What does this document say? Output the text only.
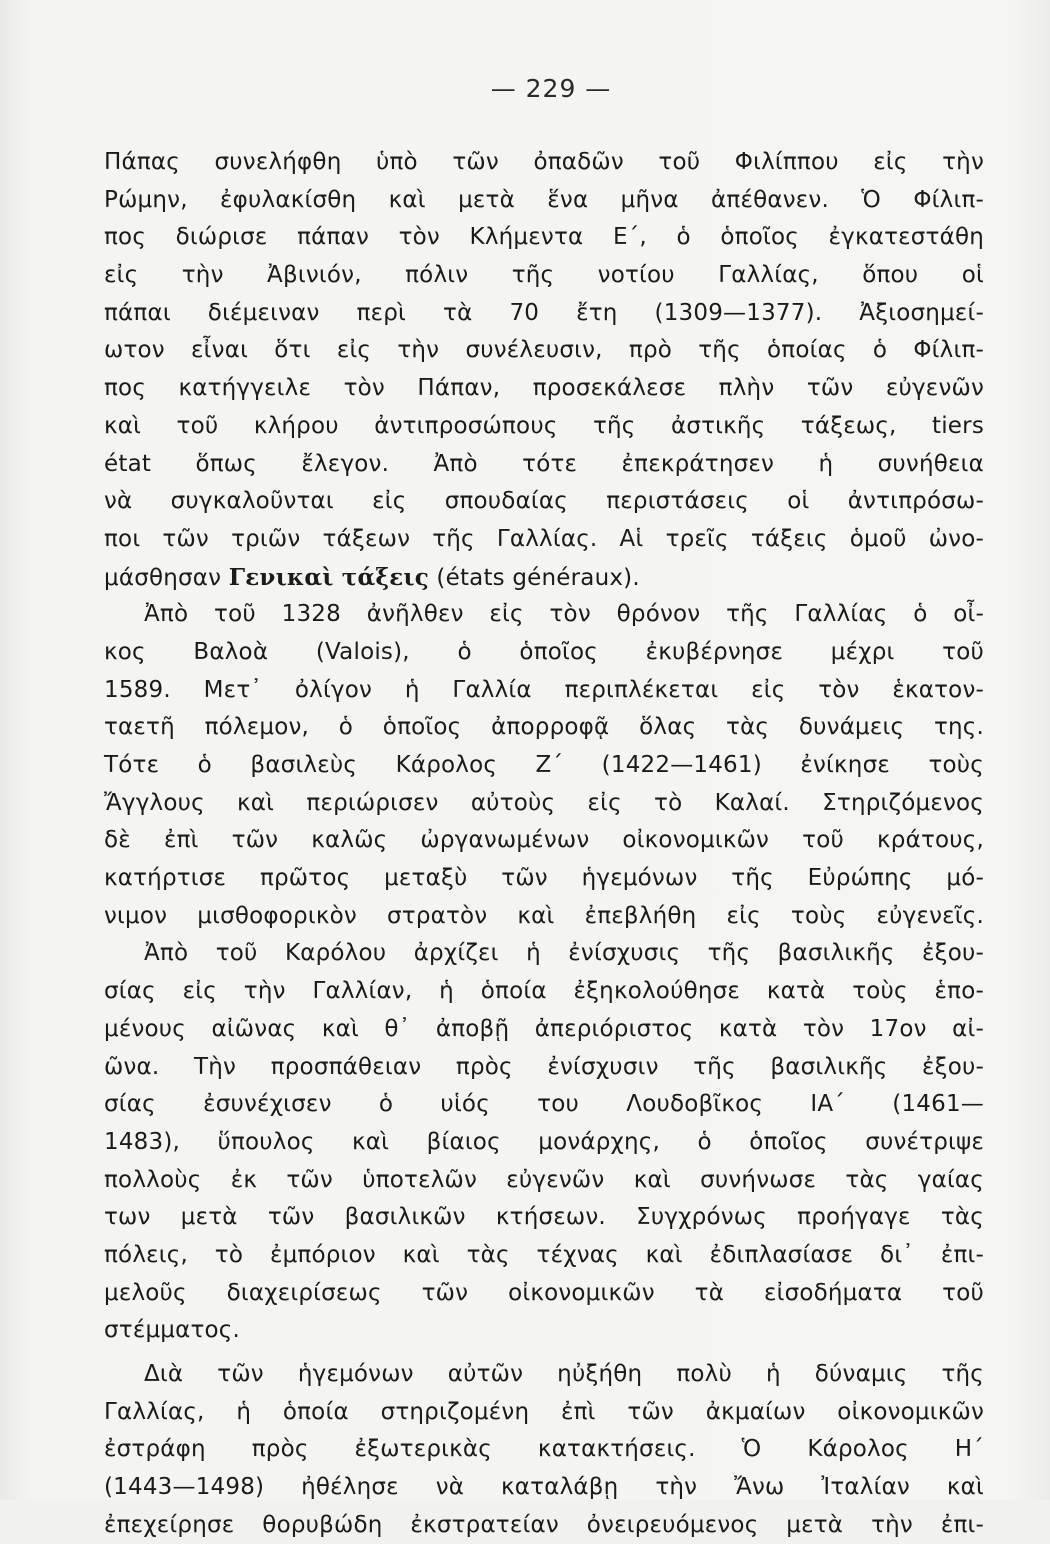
— 229 —
Πάπας συνελήφθη ὑπὸ τῶν ὀπαδῶν τοῦ Φιλίππου εἰς τὴν
Ρώμην, ἐφυλακίσθη καὶ μετὰ ἕνα μῆνα ἀπέθανεν. Ὁ Φίλιπ-
πος διώρισε πάπαν τὸν Κλήμεντα Ε΄, ὁ ὁποῖος ἐγκατεστάθη
εἰς τὴν Ἀβινιόν, πόλιν τῆς νοτίου Γαλλίας, ὅπου οἱ
πάπαι διέμειναν περὶ τὰ 70 ἔτη (1309—1377). Ἀξιοσημεί-
ωτον εἶναι ὅτι εἰς τὴν συνέλευσιν, πρὸ τῆς ὁποίας ὁ Φίλιπ-
πος κατήγγειλε τὸν Πάπαν, προσεκάλεσε πλὴν τῶν εὐγενῶν
καὶ τοῦ κλήρου ἀντιπροσώπους τῆς ἀστικῆς τάξεως, tiers
état ὅπως ἔλεγον. Ἀπὸ τότε ἐπεκράτησεν ἡ συνήθεια
νὰ συγκαλοῦνται εἰς σπουδαίας περιστάσεις οἱ ἀντιπρόσω-
ποι τῶν τριῶν τάξεων τῆς Γαλλίας. Αἱ τρεῖς τάξεις ὁμοῦ ὠνο-
μάσθησαν Γενικαὶ τάξεις (états généraux).
Ἀπὸ τοῦ 1328 ἀνῆλθεν εἰς τὸν θρόνον τῆς Γαλλίας ὁ οἶ-
κος Βαλοὰ (Valois), ὁ ὁποῖος ἐκυβέρνησε μέχρι τοῦ
1589. Μετ᾽ ὀλίγον ἡ Γαλλία περιπλέκεται εἰς τὸν ἑκατον-
ταετῆ πόλεμον, ὁ ὁποῖος ἀπορροφᾷ ὅλας τὰς δυνάμεις της.
Τότε ὁ βασιλεὺς Κάρολος Ζ΄ (1422—1461) ἐνίκησε τοὺς
Ἄγγλους καὶ περιώρισεν αὐτοὺς εἰς τὸ Καλαί. Στηριζόμενος
δὲ ἐπὶ τῶν καλῶς ὠργανωμένων οἰκονομικῶν τοῦ κράτους,
κατήρτισε πρῶτος μεταξὺ τῶν ἡγεμόνων τῆς Εὐρώπης μό-
νιμον μισθοφορικὸν στρατὸν καὶ ἐπεβλήθη εἰς τοὺς εὐγενεῖς.
Ἀπὸ τοῦ Καρόλου ἀρχίζει ἡ ἐνίσχυσις τῆς βασιλικῆς ἐξου-
σίας εἰς τὴν Γαλλίαν, ἡ ὁποία ἐξηκολούθησε κατὰ τοὺς ἑπο-
μένους αἰῶνας καὶ θ᾽ ἀποβῇ ἀπεριόριστος κατὰ τὸν 17ον αἰ-
ῶνα. Τὴν προσπάθειαν πρὸς ἐνίσχυσιν τῆς βασιλικῆς ἐξου-
σίας ἐσυνέχισεν ὁ υἱός του Λουδοβῖκος ΙΑ΄ (1461—
1483), ὕπουλος καὶ βίαιος μονάρχης, ὁ ὁποῖος συνέτριψε
πολλοὺς ἐκ τῶν ὑποτελῶν εὐγενῶν καὶ συνήνωσε τὰς γαίας
των μετὰ τῶν βασιλικῶν κτήσεων. Συγχρόνως προήγαγε τὰς
πόλεις, τὸ ἐμπόριον καὶ τὰς τέχνας καὶ ἐδιπλασίασε δι᾽ ἐπι-
μελοῦς διαχειρίσεως τῶν οἰκονομικῶν τὰ εἰσοδήματα τοῦ
στέμματος.
Διὰ τῶν ἡγεμόνων αὐτῶν ηὐξήθη πολὺ ἡ δύναμις τῆς
Γαλλίας, ἡ ὁποία στηριζομένη ἐπὶ τῶν ἀκμαίων οἰκονομικῶν
ἐστράφη πρὸς ἐξωτερικὰς κατακτήσεις. Ὁ Κάρολος Η΄
(1443—1498) ἠθέλησε νὰ καταλάβῃ τὴν Ἄνω Ἰταλίαν καὶ
ἐπεχείρησε θορυβώδη ἐκστρατείαν ὀνειρευόμενος μετὰ τὴν ἐπι-
